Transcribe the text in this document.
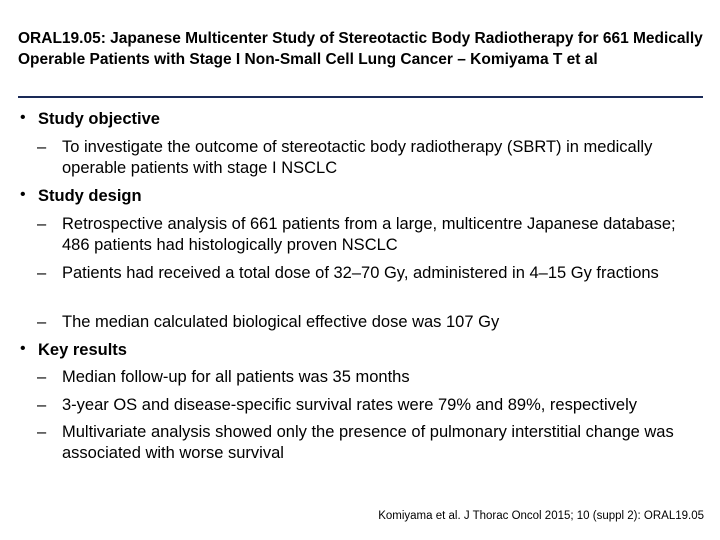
ORAL19.05: Japanese Multicenter Study of Stereotactic Body Radiotherapy for 661 Medically Operable Patients with Stage I Non-Small Cell Lung Cancer – Komiyama T et al
• Study objective
– To investigate the outcome of stereotactic body radiotherapy (SBRT) in medically operable patients with stage I NSCLC
• Study design
– Retrospective analysis of 661 patients from a large, multicentre Japanese database; 486 patients had histologically proven NSCLC
– Patients had received a total dose of 32–70 Gy, administered in 4–15 Gy fractions
– The median calculated biological effective dose was 107 Gy
• Key results
– Median follow-up for all patients was 35 months
– 3-year OS and disease-specific survival rates were 79% and 89%, respectively
– Multivariate analysis showed only the presence of pulmonary interstitial change was associated with worse survival
Komiyama et al. J Thorac Oncol 2015; 10 (suppl 2): ORAL19.05
